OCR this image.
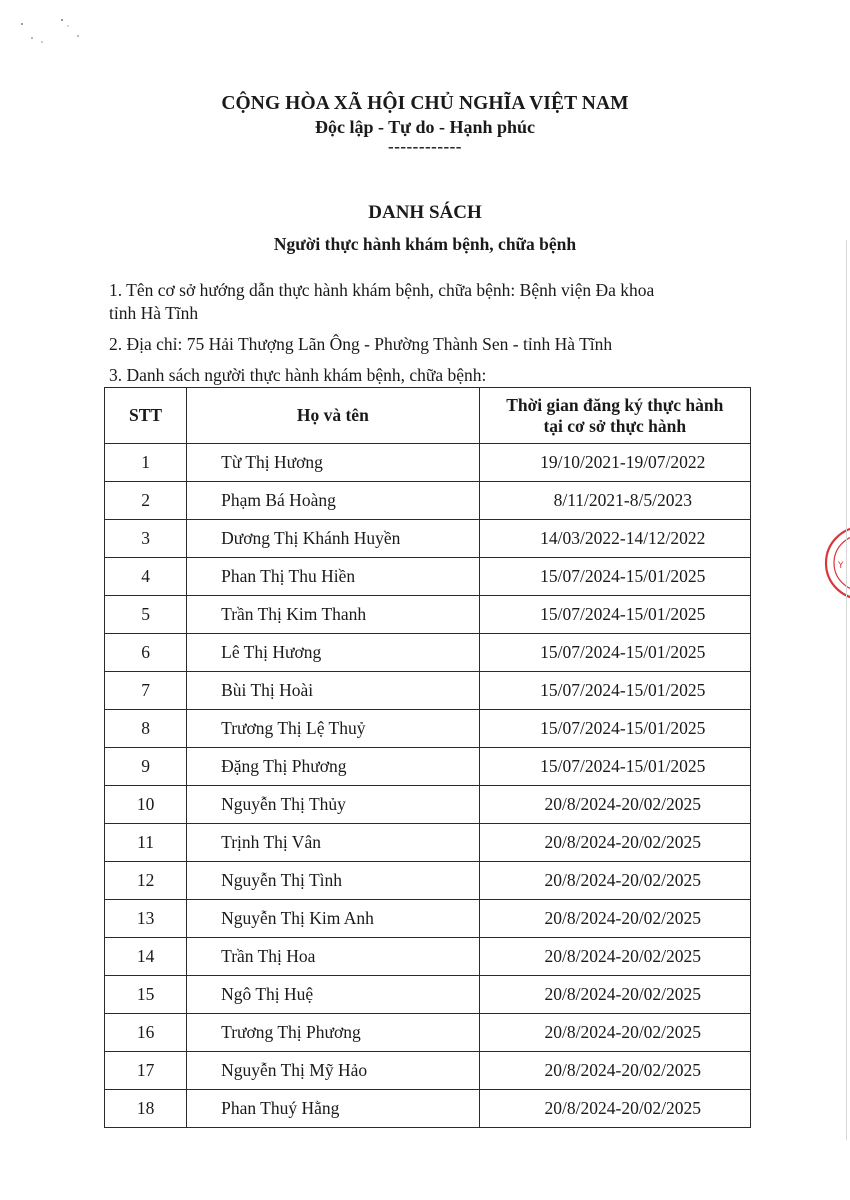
CỘNG HÒA XÃ HỘI CHỦ NGHĨA VIỆT NAM
Độc lập - Tự do - Hạnh phúc
------------
DANH SÁCH
Người thực hành khám bệnh, chữa bệnh
1. Tên cơ sở hướng dẫn thực hành khám bệnh, chữa bệnh: Bệnh viện Đa khoa
tỉnh Hà Tĩnh
2. Địa chỉ: 75 Hải Thượng Lãn Ông - Phường Thành Sen - tỉnh Hà Tĩnh
3. Danh sách người thực hành khám bệnh, chữa bệnh:
STT	Họ và tên	Thời gian đăng ký thực hành
tại cơ sở thực hành

1	Từ Thị Hương	19/10/2021-19/07/2022
2	Phạm Bá Hoàng	8/11/2021-8/5/2023
3	Dương Thị Khánh Huyền	14/03/2022-14/12/2022
4	Phan Thị Thu Hiền	15/07/2024-15/01/2025
5	Trần Thị Kim Thanh	15/07/2024-15/01/2025
6	Lê Thị Hương	15/07/2024-15/01/2025
7	Bùi Thị Hoài	15/07/2024-15/01/2025
8	Trương Thị Lệ Thuỷ	15/07/2024-15/01/2025
9	Đặng Thị Phương	15/07/2024-15/01/2025
10	Nguyễn Thị Thủy	20/8/2024-20/02/2025
11	Trịnh Thị Vân	20/8/2024-20/02/2025
12	Nguyễn Thị Tình	20/8/2024-20/02/2025
13	Nguyễn Thị Kim Anh	20/8/2024-20/02/2025
14	Trần Thị Hoa	20/8/2024-20/02/2025
15	Ngô Thị Huệ	20/8/2024-20/02/2025
16	Trương Thị Phương	20/8/2024-20/02/2025
17	Nguyễn Thị Mỹ Hảo	20/8/2024-20/02/2025
18	Phan Thuý Hằng	20/8/2024-20/02/2025
Y
